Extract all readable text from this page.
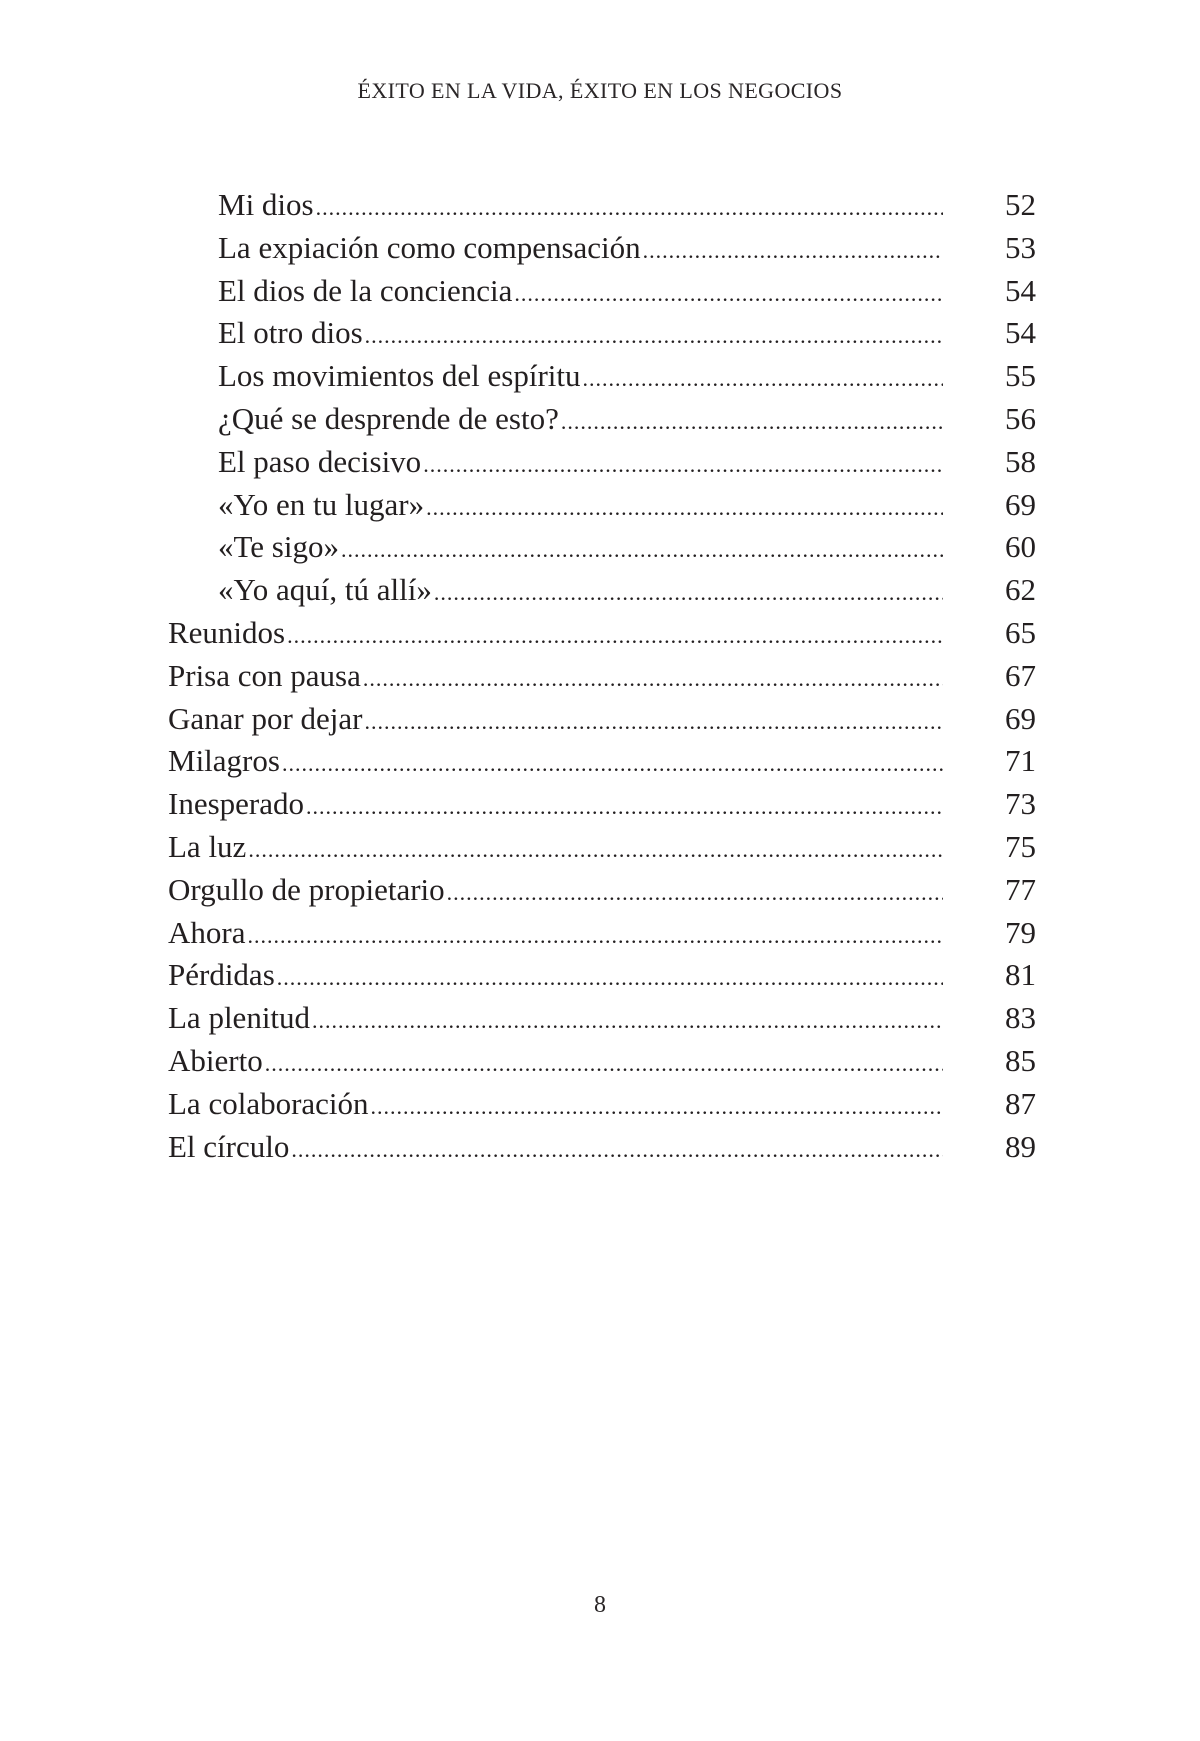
ÉXITO EN LA VIDA, ÉXITO EN LOS NEGOCIOS
Mi dios .....	52
La expiación como compensación .....	53
El dios de la conciencia .....	54
El otro dios .....	54
Los movimientos del espíritu .....	55
¿Qué se desprende de esto? .....	56
El paso decisivo .....	58
«Yo en tu lugar» .....	69
«Te sigo» .....	60
«Yo aquí, tú allí» .....	62
Reunidos .....	65
Prisa con pausa .....	67
Ganar por dejar .....	69
Milagros .....	71
Inesperado .....	73
La luz .....	75
Orgullo de propietario .....	77
Ahora .....	79
Pérdidas .....	81
La plenitud .....	83
Abierto .....	85
La colaboración .....	87
El círculo .....	89
8
